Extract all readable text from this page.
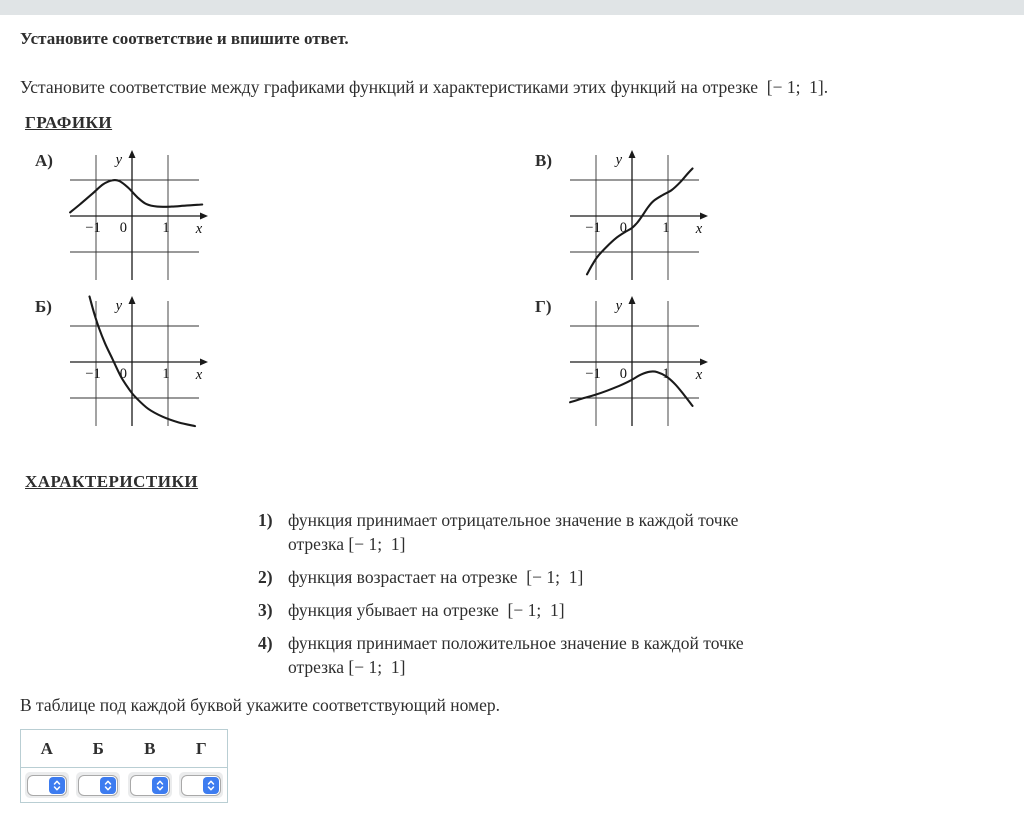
Установите соответствие и впишите ответ.
Установите соответствие между графиками функций и характеристиками этих функций на отрезке  [− 1;  1].
ГРАФИКИ
А)	y
x
−1 0 1
В)	y
x
−1 0 1
Б)	y
x
−1 0 1
Г)	y
x
−1 0 1
ХАРАКТЕРИСТИКИ
1) функция принимает отрицательное значение в каждой точке отрезка [− 1;  1]
2) функция возрастает на отрезке  [− 1;  1]
3) функция убывает на отрезке  [− 1;  1]
4) функция принимает положительное значение в каждой точке отрезка [− 1;  1]
В таблице под каждой буквой укажите соответствующий номер.
А	Б	В	Г
